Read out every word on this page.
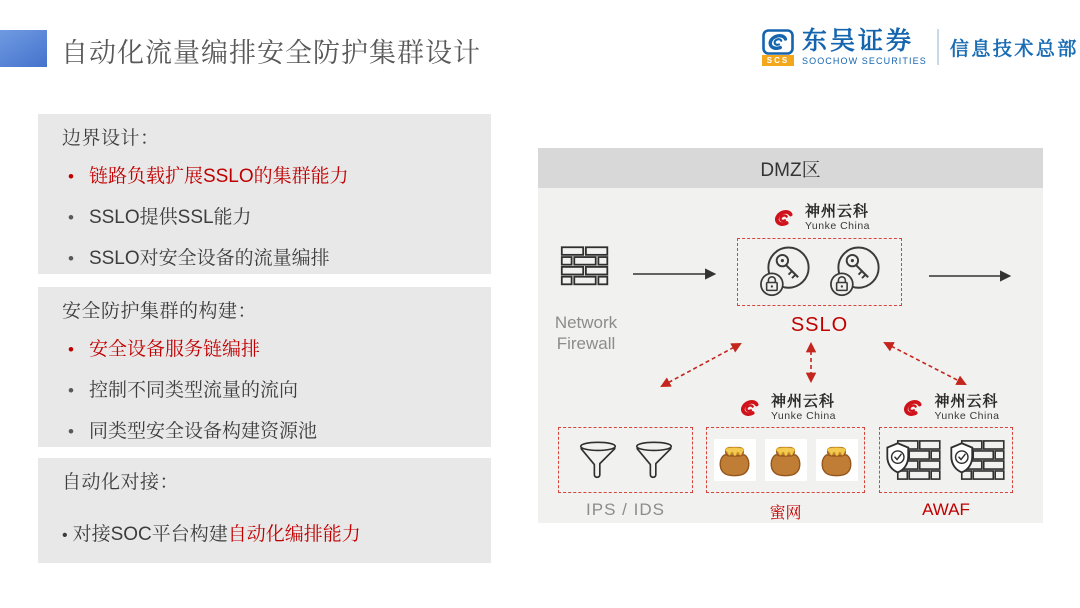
自动化流量编排安全防护集群设计	SCS
东吴证券
SOOCHOW SECURITIES
信息技术总部
边界设计：
•
链路负载扩展SSLO的集群能力
•
SSLO提供SSL能力
•
SSLO对安全设备的流量编排
安全防护集群的构建：
•
安全设备服务链编排
•
控制不同类型流量的流向
•
同类型安全设备构建资源池
自动化对接：
•
对接SOC平台构建 自动化编排能力
DMZ区
神州云科
Yunke China
Network
Firewall
SSLO
IPS / IDS
神州云科
Yunke China
蜜网
神州云科
Yunke China
AWAF
